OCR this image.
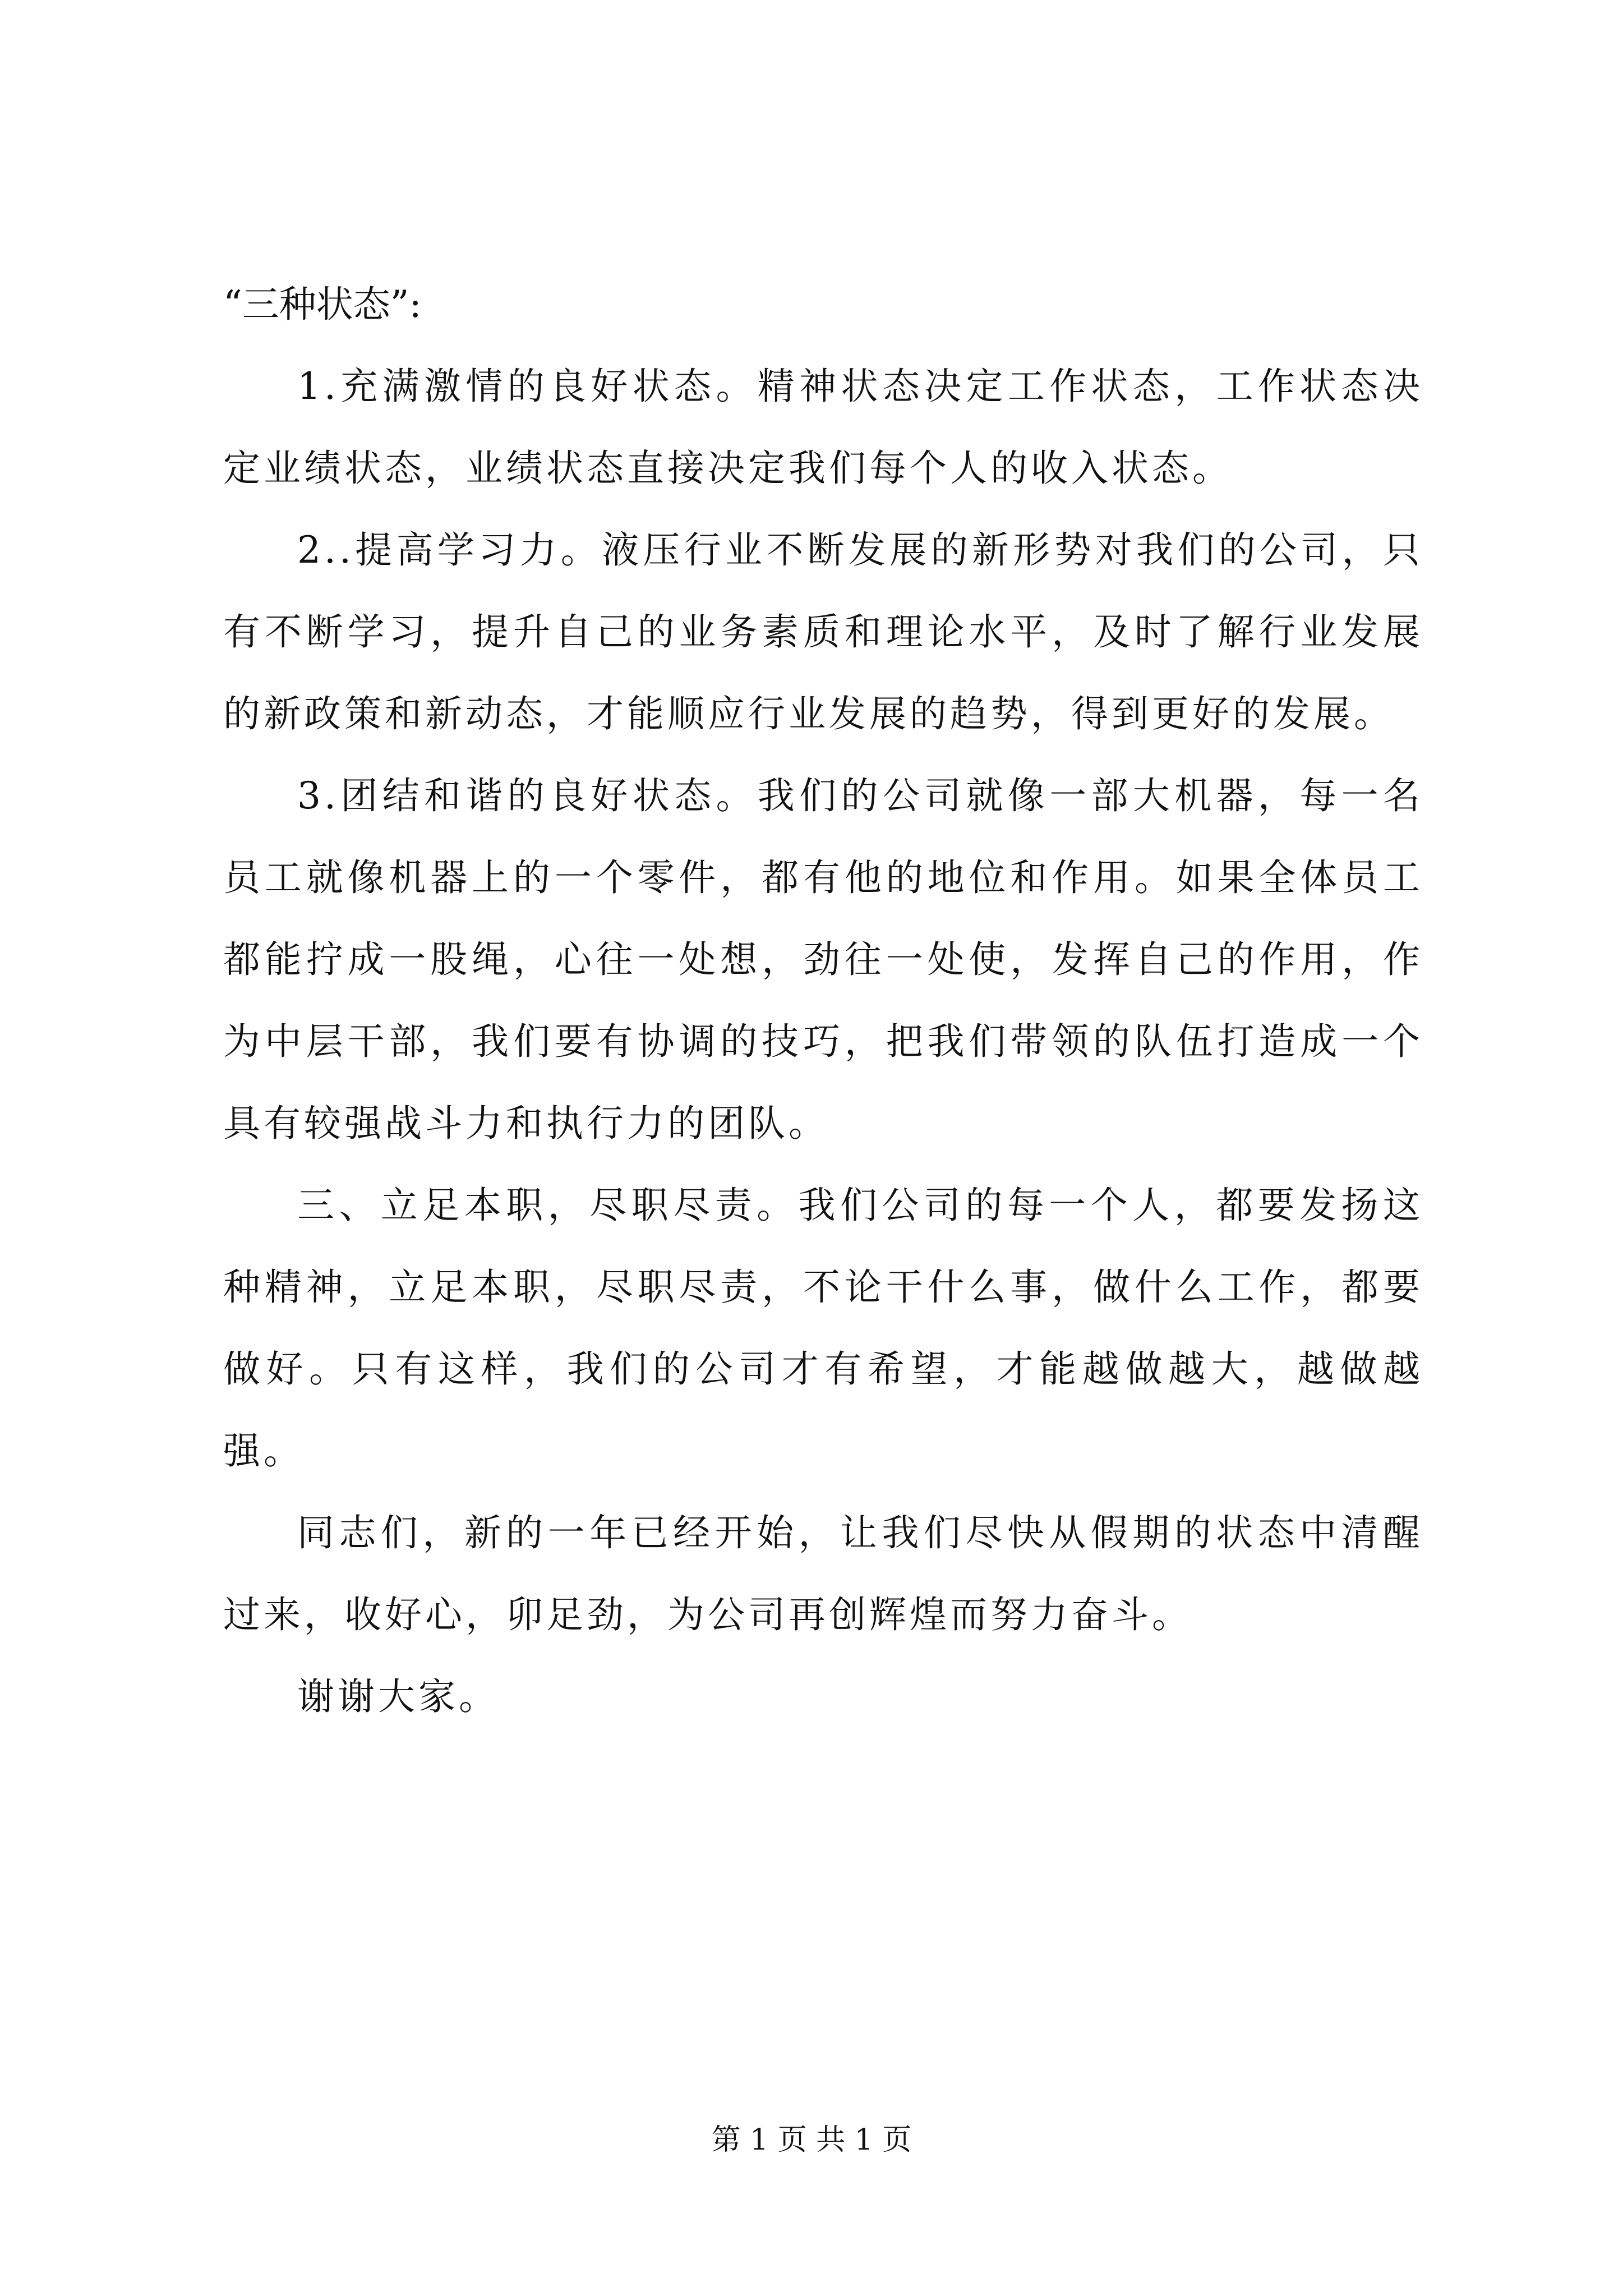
“三种状态”:

1.充满激情的良好状态。精神状态决定工作状态，工作状态决定业绩状态，业绩状态直接决定我们每个人的收入状态。

2..提高学习力。液压行业不断发展的新形势对我们的公司，只有不断学习，提升自己的业务素质和理论水平，及时了解行业发展的新政策和新动态，才能顺应行业发展的趋势，得到更好的发展。

3.团结和谐的良好状态。我们的公司就像一部大机器，每一名员工就像机器上的一个零件，都有他的地位和作用。如果全体员工都能拧成一股绳，心往一处想，劲往一处使，发挥自己的作用，作为中层干部，我们要有协调的技巧，把我们带领的队伍打造成一个具有较强战斗力和执行力的团队。

三、立足本职，尽职尽责。我们公司的每一个人，都要发扬这种精神，立足本职，尽职尽责，不论干什么事，做什么工作，都要做好。只有这样，我们的公司才有希望，才能越做越大，越做越强。

同志们，新的一年已经开始，让我们尽快从假期的状态中清醒过来，收好心，卯足劲，为公司再创辉煌而努力奋斗。

谢谢大家。

第 1 页 共 1 页
